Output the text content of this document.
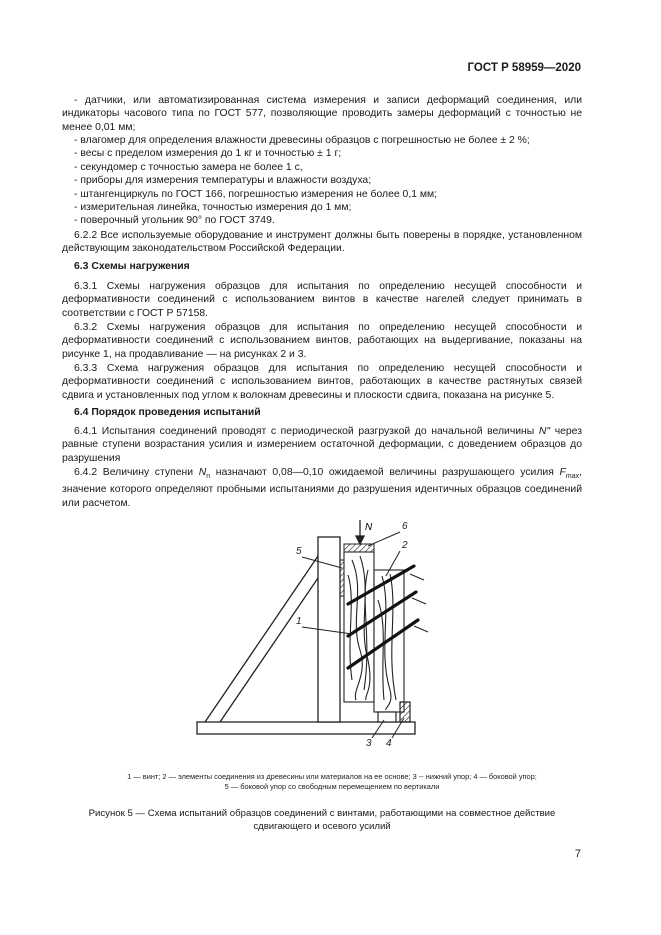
ГОСТ Р 58959—2020

- датчики, или автоматизированная система измерения и записи деформаций соединения, или индикаторы часового типа по ГОСТ 577, позволяющие проводить замеры деформаций с точностью не менее 0,01 мм;

- влагомер для определения влажности древесины образцов с погрешностью не более ± 2 %;
- весы с пределом измерения до 1 кг и точностью ± 1 г;
- секундомер с точностью замера не более 1 с,
- приборы для измерения температуры и влажности воздуха;
- штангенциркуль по ГОСТ 166, погрешностью измерения не более 0,1 мм;
- измерительная линейка, точностью измерения до 1 мм;
- поверочный угольник 90° по ГОСТ 3749.

6.2.2 Все используемые оборудование и инструмент должны быть поверены в порядке, установленном действующим законодательством Российской Федерации.

6.3 Схемы нагружения

6.3.1 Схемы нагружения образцов для испытания по определению несущей способности и деформативности соединений с использованием винтов в качестве нагелей следует принимать в соответствии с ГОСТ Р 57158.

6.3.2 Схемы нагружения образцов для испытания по определению несущей способности и деформативности соединений с использованием винтов, работающих на выдергивание, показаны на рисунке 1, на продавливание — на рисунках 2 и 3.

6.3.3 Схема нагружения образцов для испытания по определению несущей способности и деформативности соединений с использованием винтов, работающих в качестве растянутых связей сдвига и установленных под углом к волокнам древесины и плоскости сдвига, показана на рисунке 5.

6.4 Порядок проведения испытаний

6.4.1 Испытания соединений проводят с периодической разгрузкой до начальной величины N" через равные ступени возрастания усилия и измерением остаточной деформации, с доведением образцов до разрушения

6.4.2 Величину ступени $N_n$ назначают 0,08—0,10 ожидаемой величины разрушающего усилия $F_{max}$, значение которого определяют пробными испытаниями до разрушения идентичных образцов соединений или расчетом.

N
5
6
2
1
3 4
1 — винт; 2 — элементы соединения из древесины или материалов на ее основе; 3 -- нижний упор; 4 — боковой упор;
5 — боковой упор со свободным перемещением по вертикали
Рисунок 5 — Схема испытаний образцов соединений с винтами, работающими на совместное действие сдвигающего и осевого усилий
7
